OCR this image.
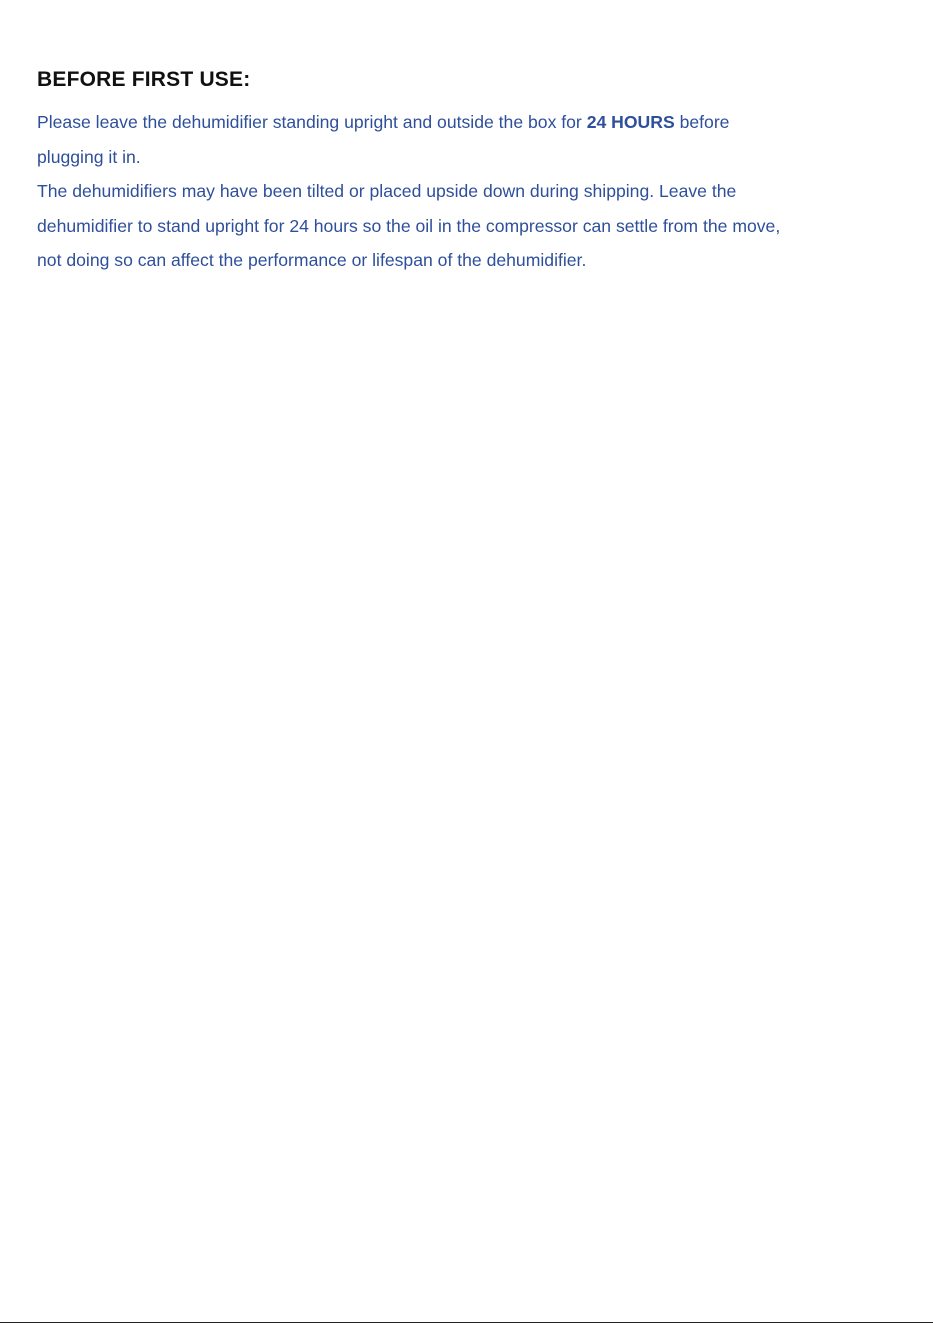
BEFORE FIRST USE:

Please leave the dehumidifier standing upright and outside the box for 24 HOURS before
plugging it in.

The dehumidifiers may have been tilted or placed upside down during shipping. Leave the
dehumidifier to stand upright for 24 hours so the oil in the compressor can settle from the move,
not doing so can affect the performance or lifespan of the dehumidifier.
